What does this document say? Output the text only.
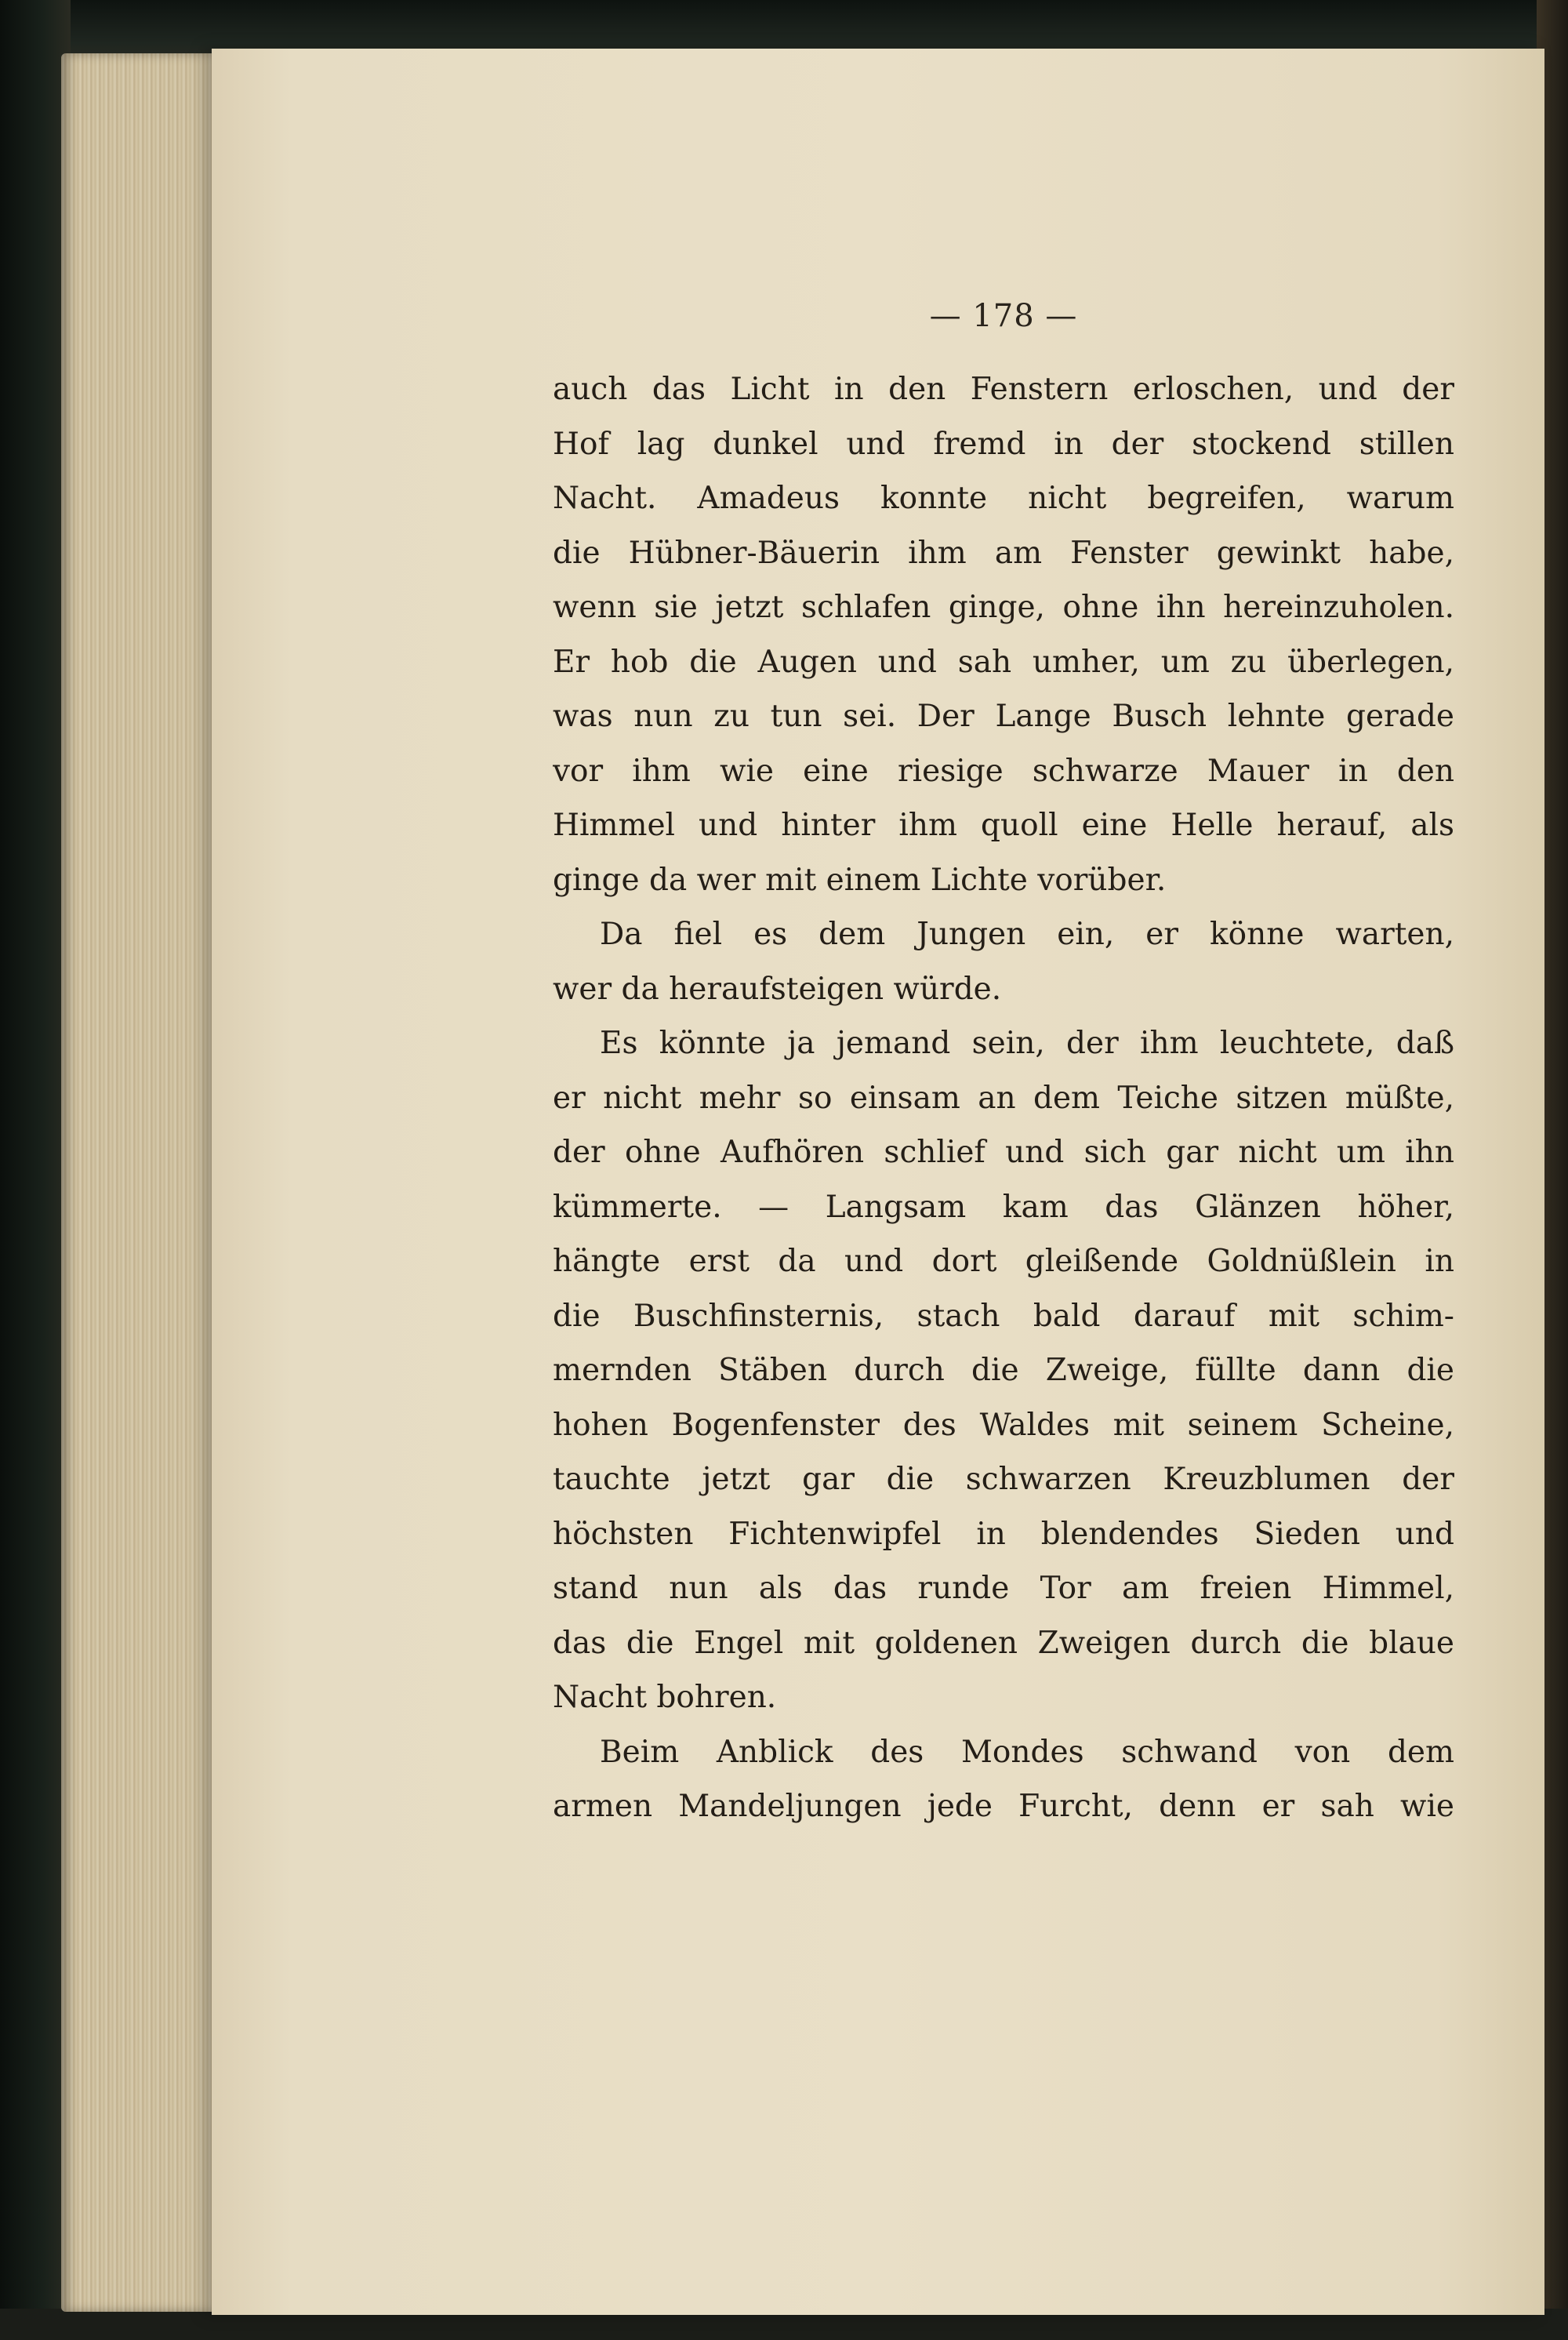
— 178 —
auch das Licht in den Fenstern erloschen, und der
Hof lag dunkel und fremd in der stockend stillen
Nacht. Amadeus konnte nicht begreifen, warum
die Hübner-Bäuerin ihm am Fenster gewinkt habe,
wenn sie jetzt schlafen ginge, ohne ihn hereinzuholen.
Er hob die Augen und sah umher, um zu überlegen,
was nun zu tun sei. Der Lange Busch lehnte gerade
vor ihm wie eine riesige schwarze Mauer in den
Himmel und hinter ihm quoll eine Helle herauf, als
ginge da wer mit einem Lichte vorüber.
Da fiel es dem Jungen ein, er könne warten,
wer da heraufsteigen würde.
Es könnte ja jemand sein, der ihm leuchtete, daß
er nicht mehr so einsam an dem Teiche sitzen müßte,
der ohne Aufhören schlief und sich gar nicht um ihn
kümmerte. — Langsam kam das Glänzen höher,
hängte erst da und dort gleißende Goldnüßlein in
die Buschfinsternis, stach bald darauf mit schim-
mernden Stäben durch die Zweige, füllte dann die
hohen Bogenfenster des Waldes mit seinem Scheine,
tauchte jetzt gar die schwarzen Kreuzblumen der
höchsten Fichtenwipfel in blendendes Sieden und
stand nun als das runde Tor am freien Himmel,
das die Engel mit goldenen Zweigen durch die blaue
Nacht bohren.
Beim Anblick des Mondes schwand von dem
armen Mandeljungen jede Furcht, denn er sah wie
